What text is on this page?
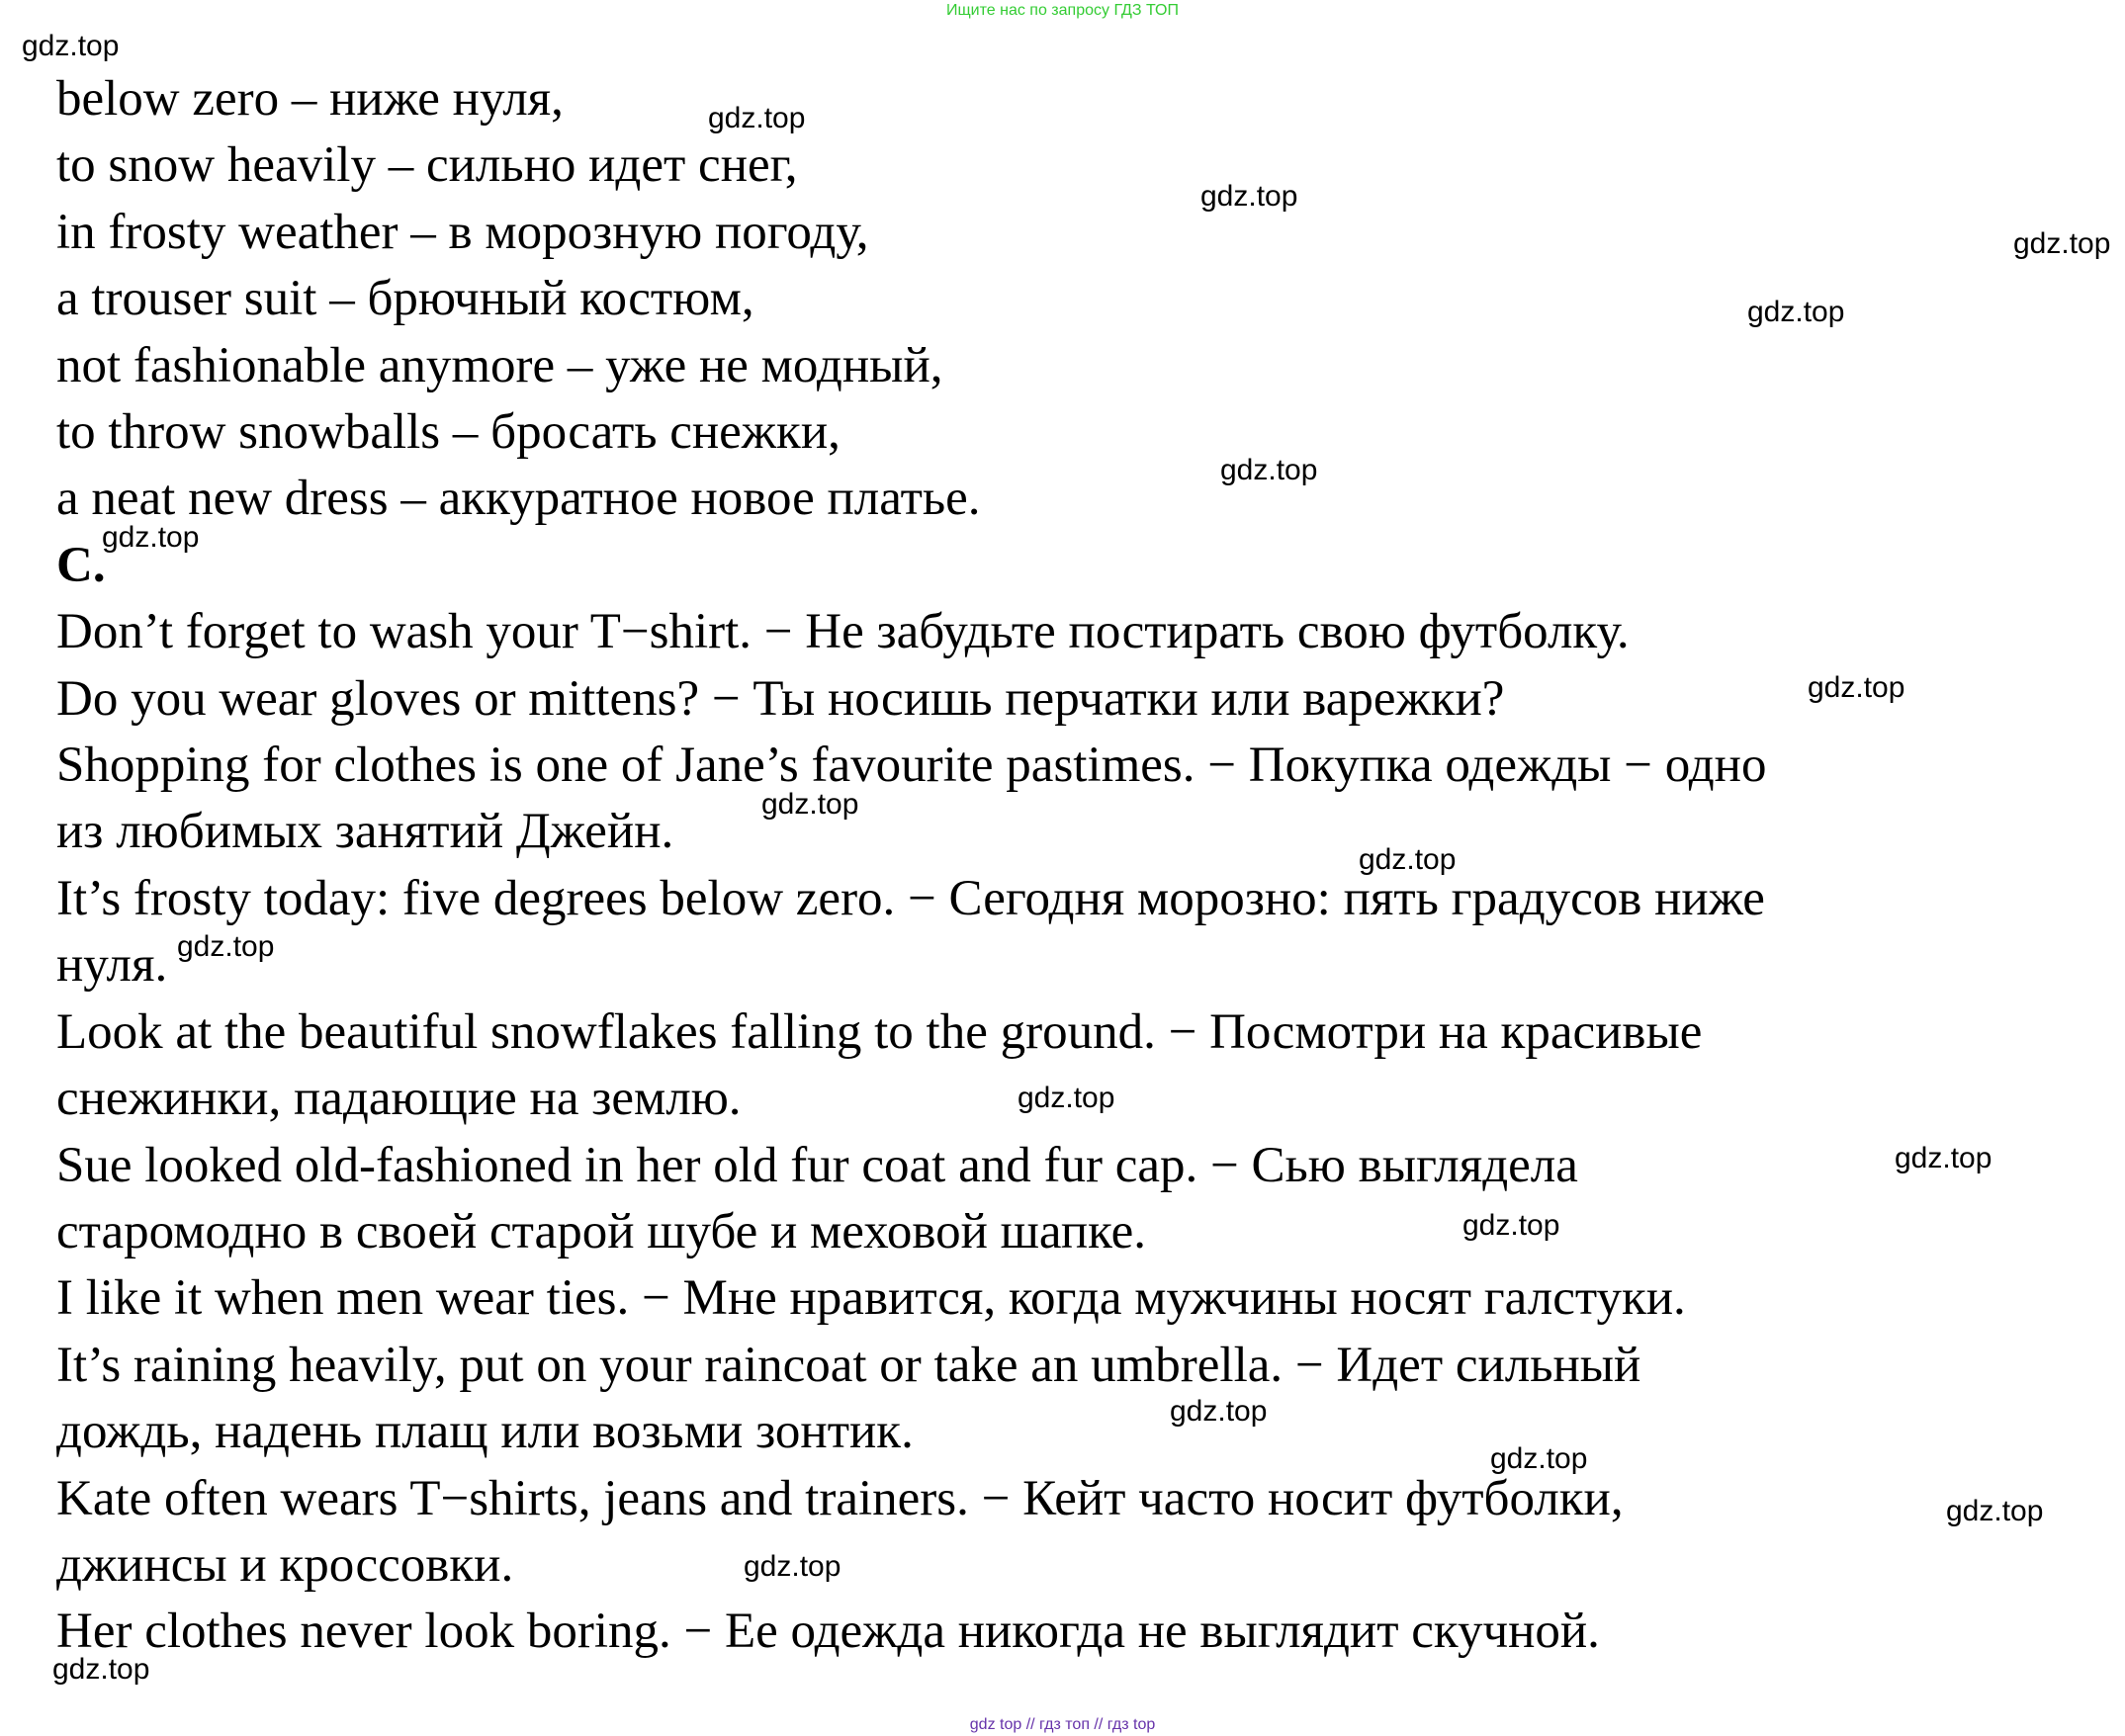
Ищите нас по запросу ГДЗ ТОП
below zero – ниже нуля,
to snow heavily – сильно идет снег,
in frosty weather – в морозную погоду,
a trouser suit – брючный костюм,
not fashionable anymore – уже не модный,
to throw snowballs – бросать снежки,
a neat new dress – аккуратное новое платье.
C.
Don’t forget to wash your T−shirt. − Не забудьте постирать свою футболку.
Do you wear gloves or mittens? − Ты носишь перчатки или варежки?
Shopping for clothes is one of Jane’s favourite pastimes. − Покупка одежды − одно
из любимых занятий Джейн.
It’s frosty today: five degrees below zero. − Сегодня морозно: пять градусов ниже
нуля.
Look at the beautiful snowflakes falling to the ground. − Посмотри на красивые
снежинки, падающие на землю.
Sue looked old-fashioned in her old fur coat and fur cap. − Сью выглядела
старомодно в своей старой шубе и меховой шапке.
I like it when men wear ties. − Мне нравится, когда мужчины носят галстуки.
It’s raining heavily, put on your raincoat or take an umbrella. − Идет сильный
дождь, надень плащ или возьми зонтик.
Kate often wears T−shirts, jeans and trainers. − Кейт часто носит футболки,
джинсы и кроссовки.
Her clothes never look boring. − Ее одежда никогда не выглядит скучной.
gdz.top
gdz.top
gdz.top
gdz.top
gdz.top
gdz.top
gdz.top
gdz.top
gdz.top
gdz.top
gdz.top
gdz.top
gdz.top
gdz.top
gdz.top
gdz.top
gdz.top
gdz.top
gdz.top
gdz top // гдз топ // гдз top
